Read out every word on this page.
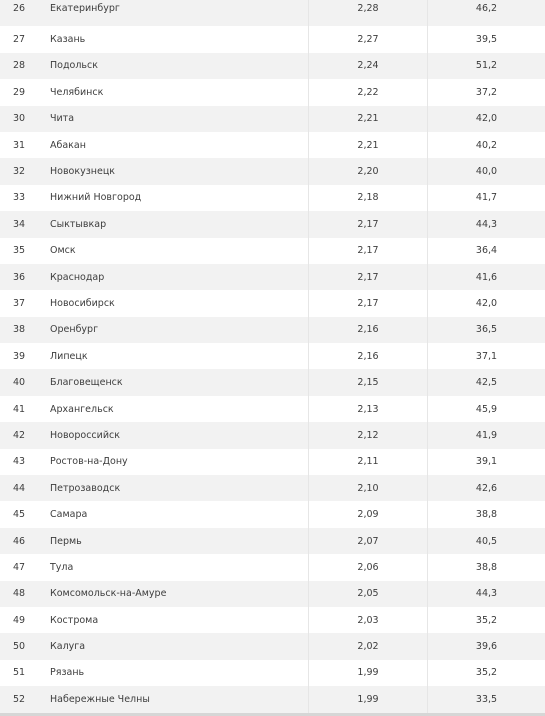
26	Екатеринбург	2,28	46,2
27	Казань	2,27	39,5
28	Подольск	2,24	51,2
29	Челябинск	2,22	37,2
30	Чита	2,21	42,0
31	Абакан	2,21	40,2
32	Новокузнецк	2,20	40,0
33	Нижний Новгород	2,18	41,7
34	Сыктывкар	2,17	44,3
35	Омск	2,17	36,4
36	Краснодар	2,17	41,6
37	Новосибирск	2,17	42,0
38	Оренбург	2,16	36,5
39	Липецк	2,16	37,1
40	Благовещенск	2,15	42,5
41	Архангельск	2,13	45,9
42	Новороссийск	2,12	41,9
43	Ростов-на-Дону	2,11	39,1
44	Петрозаводск	2,10	42,6
45	Самара	2,09	38,8
46	Пермь	2,07	40,5
47	Тула	2,06	38,8
48	Комсомольск-на-Амуре	2,05	44,3
49	Кострома	2,03	35,2
50	Калуга	2,02	39,6
51	Рязань	1,99	35,2
52	Набережные Челны	1,99	33,5
